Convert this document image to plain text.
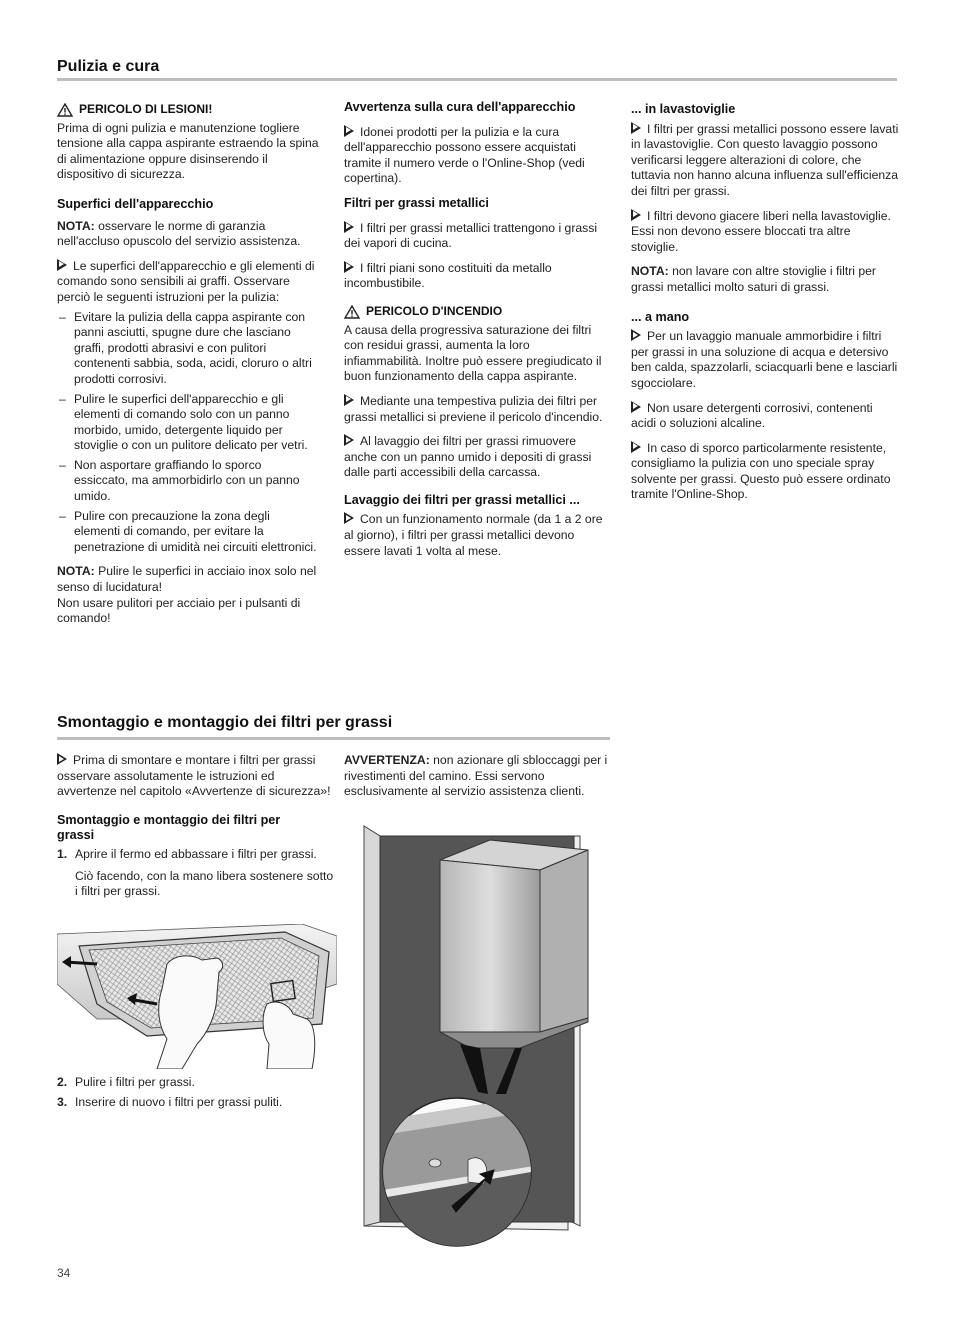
Pulizia e cura
PERICOLO DI LESIONI!

Prima di ogni pulizia e manutenzione togliere tensione alla cappa aspirante estraendo la spina di alimentazione oppure disinserendo il dispositivo di sicurezza.

Superfici dell'apparecchio

NOTA: osservare le norme di garanzia nell'accluso opuscolo del servizio assistenza.

Le superfici dell'apparecchio e gli elementi di comando sono sensibili ai graffi. Osservare perciò le seguenti istruzioni per la pulizia:

– Evitare la pulizia della cappa aspirante con panni asciutti, spugne dure che lasciano graffi, prodotti abrasivi e con pulitori contenenti sabbia, soda, acidi, cloruro o altri prodotti corrosivi.
– Pulire le superfici dell'apparecchio e gli elementi di comando solo con un panno morbido, umido, detergente liquido per stoviglie o con un pulitore delicato per vetri.
– Non asportare graffiando lo sporco essiccato, ma ammorbidirlo con un panno umido.
– Pulire con precauzione la zona degli elementi di comando, per evitare la penetrazione di umidità nei circuiti elettronici.

NOTA: Pulire le superfici in acciaio inox solo nel senso di lucidatura!

Non usare pulitori per acciaio per i pulsanti di comando!

Avvertenza sulla cura dell'apparecchio

Idonei prodotti per la pulizia e la cura dell'apparecchio possono essere acquistati tramite il numero verde o l'Online-Shop (vedi copertina).

Filtri per grassi metallici

I filtri per grassi metallici trattengono i grassi dei vapori di cucina.

I filtri piani sono costituiti da metallo incombustibile.

PERICOLO D'INCENDIO

A causa della progressiva saturazione dei filtri con residui grassi, aumenta la loro infiammabilità. Inoltre può essere pregiudicato il buon funzionamento della cappa aspirante.

Mediante una tempestiva pulizia dei filtri per grassi metallici si previene il pericolo d'incendio.

Al lavaggio dei filtri per grassi rimuovere anche con un panno umido i depositi di grassi dalle parti accessibili della carcassa.

Lavaggio dei filtri per grassi metallici ...

Con un funzionamento normale (da 1 a 2 ore al giorno), i filtri per grassi metallici devono essere lavati 1 volta al mese.

... in lavastoviglie

I filtri per grassi metallici possono essere lavati in lavastoviglie. Con questo lavaggio possono verificarsi leggere alterazioni di colore, che tuttavia non hanno alcuna influenza sull'efficienza dei filtri per grassi.

I filtri devono giacere liberi nella lavastoviglie. Essi non devono essere bloccati tra altre stoviglie.

NOTA: non lavare con altre stoviglie i filtri per grassi metallici molto saturi di grassi.

... a mano

Per un lavaggio manuale ammorbidire i filtri per grassi in una soluzione di acqua e detersivo ben calda, spazzolarli, sciacquarli bene e lasciarli sgocciolare.

Non usare detergenti corrosivi, contenenti acidi o soluzioni alcaline.

In caso di sporco particolarmente resistente, consigliamo la pulizia con uno speciale spray solvente per grassi. Questo può essere ordinato tramite l'Online-Shop.

Smontaggio e montaggio dei filtri per grassi

Prima di smontare e montare i filtri per grassi osservare assolutamente le istruzioni ed avvertenze nel capitolo «Avvertenze di sicurezza»!

Smontaggio e montaggio dei filtri per grassi
1. Aprire il fermo ed abbassare i filtri per grassi.

Ciò facendo, con la mano libera sostenere sotto i filtri per grassi.

2. Pulire i filtri per grassi.
3. Inserire di nuovo i filtri per grassi puliti.

AVVERTENZA: non azionare gli sbloccaggi per i rivestimenti del camino. Essi servono esclusivamente al servizio assistenza clienti.

34
